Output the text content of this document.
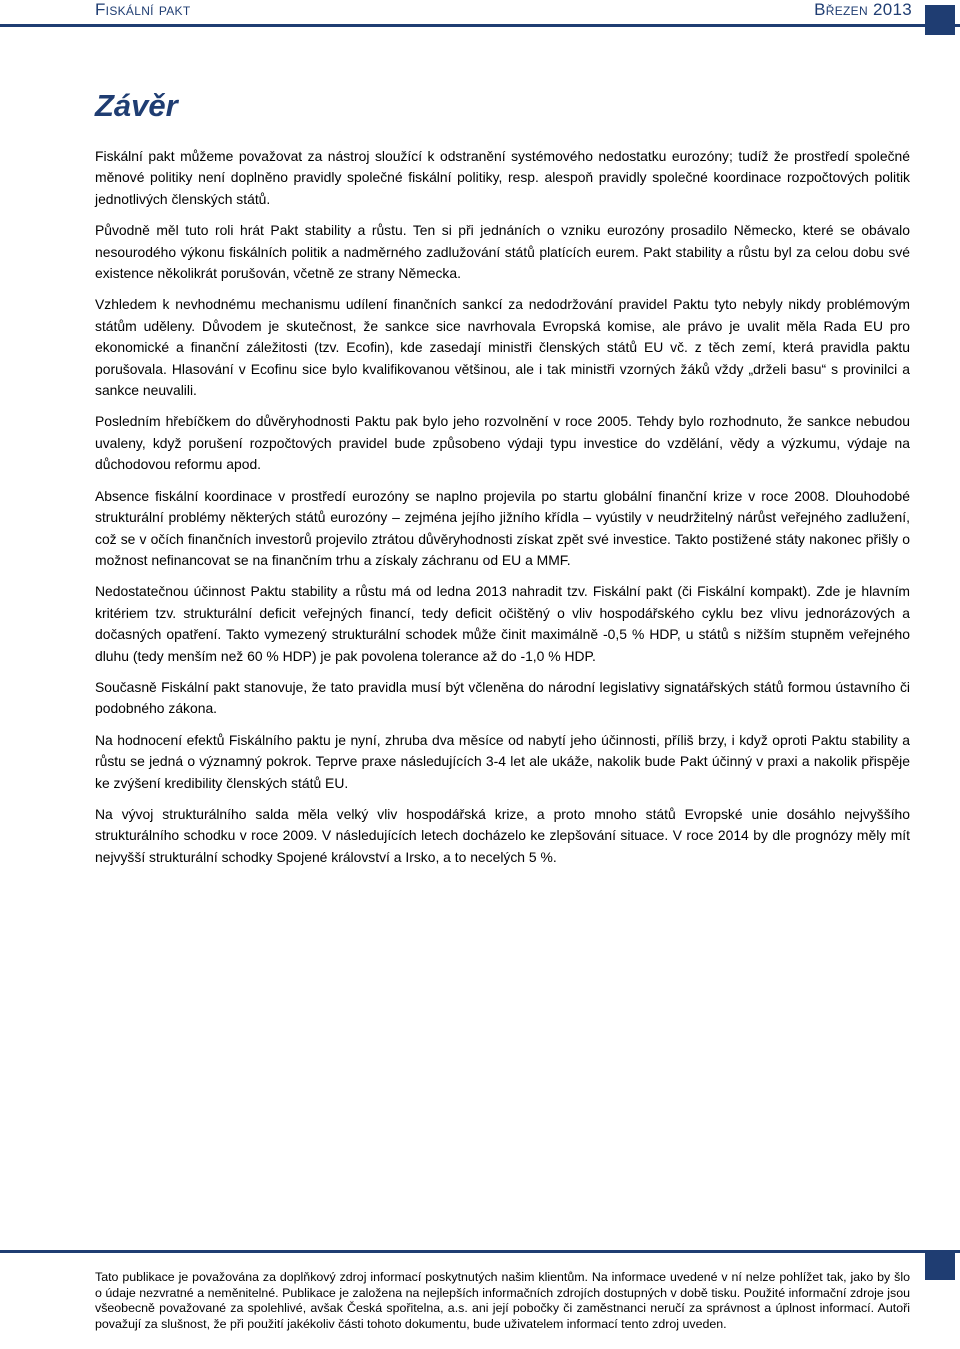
Fiskální pakt	Březen 2013
Závěr

Fiskální pakt můžeme považovat za nástroj sloužící k odstranění systémového nedostatku eurozóny; tudíž že prostředí společné měnové politiky není doplněno pravidly společné fiskální politiky, resp. alespoň pravidly společné koordinace rozpočtových politik jednotlivých členských států.

Původně měl tuto roli hrát Pakt stability a růstu. Ten si při jednáních o vzniku eurozóny prosadilo Německo, které se obávalo nesourodého výkonu fiskálních politik a nadměrného zadlužování států platících eurem. Pakt stability a růstu byl za celou dobu své existence několikrát porušován, včetně ze strany Německa.

Vzhledem k nevhodnému mechanismu udílení finančních sankcí za nedodržování pravidel Paktu tyto nebyly nikdy problémovým státům uděleny. Důvodem je skutečnost, že sankce sice navrhovala Evropská komise, ale právo je uvalit měla Rada EU pro ekonomické a finanční záležitosti (tzv. Ecofin), kde zasedají ministři členských států EU vč. z těch zemí, která pravidla paktu porušovala. Hlasování v Ecofinu sice bylo kvalifikovanou většinou, ale i tak ministři vzorných žáků vždy „drželi basu“ s provinilci a sankce neuvalili.

Posledním hřebíčkem do důvěryhodnosti Paktu pak bylo jeho rozvolnění v roce 2005. Tehdy bylo rozhodnuto, že sankce nebudou uvaleny, když porušení rozpočtových pravidel bude způsobeno výdaji typu investice do vzdělání, vědy a výzkumu, výdaje na důchodovou reformu apod.

Absence fiskální koordinace v prostředí eurozóny se naplno projevila po startu globální finanční krize v roce 2008. Dlouhodobé strukturální problémy některých států eurozóny – zejména jejího jižního křídla – vyústily v neudržitelný nárůst veřejného zadlužení, což se v očích finančních investorů projevilo ztrátou důvěryhodnosti získat zpět své investice. Takto postižené státy nakonec přišly o možnost nefinancovat se na finančním trhu a získaly záchranu od EU a MMF.

Nedostatečnou účinnost Paktu stability a růstu má od ledna 2013 nahradit tzv. Fiskální pakt (či Fiskální kompakt). Zde je hlavním kritériem tzv. strukturální deficit veřejných financí, tedy deficit očištěný o vliv hospodářského cyklu bez vlivu jednorázových a dočasných opatření. Takto vymezený strukturální schodek může činit maximálně -0,5 % HDP, u států s nižším stupněm veřejného dluhu (tedy menším než 60 % HDP) je pak povolena tolerance až do -1,0 % HDP.

Současně Fiskální pakt stanovuje, že tato pravidla musí být včleněna do národní legislativy signatářských států formou ústavního či podobného zákona.

Na hodnocení efektů Fiskálního paktu je nyní, zhruba dva měsíce od nabytí jeho účinnosti, příliš brzy, i když oproti Paktu stability a růstu se jedná o významný pokrok. Teprve praxe následujících 3-4 let ale ukáže, nakolik bude Pakt účinný v praxi a nakolik přispěje ke zvýšení kredibility členských států EU.

Na vývoj strukturálního salda měla velký vliv hospodářská krize, a proto mnoho států Evropské unie dosáhlo nejvyššího strukturálního schodku v roce 2009. V následujících letech docházelo ke zlepšování situace. V roce 2014 by dle prognózy měly mít nejvyšší strukturální schodky Spojené království a Irsko, a to necelých 5 %.

Tato publikace je považována za doplňkový zdroj informací poskytnutých našim klientům. Na informace uvedené v ní nelze pohlížet tak, jako by šlo o údaje nezvratné a neměnitelné. Publikace je založena na nejlepších informačních zdrojích dostupných v době tisku. Použité informační zdroje jsou všeobecně považované za spolehlivé, avšak Česká spořitelna, a.s. ani její pobočky či zaměstnanci neručí za správnost a úplnost informací. Autoři považují za slušnost, že při použití jakékoliv části tohoto dokumentu, bude uživatelem informací tento zdroj uveden.
